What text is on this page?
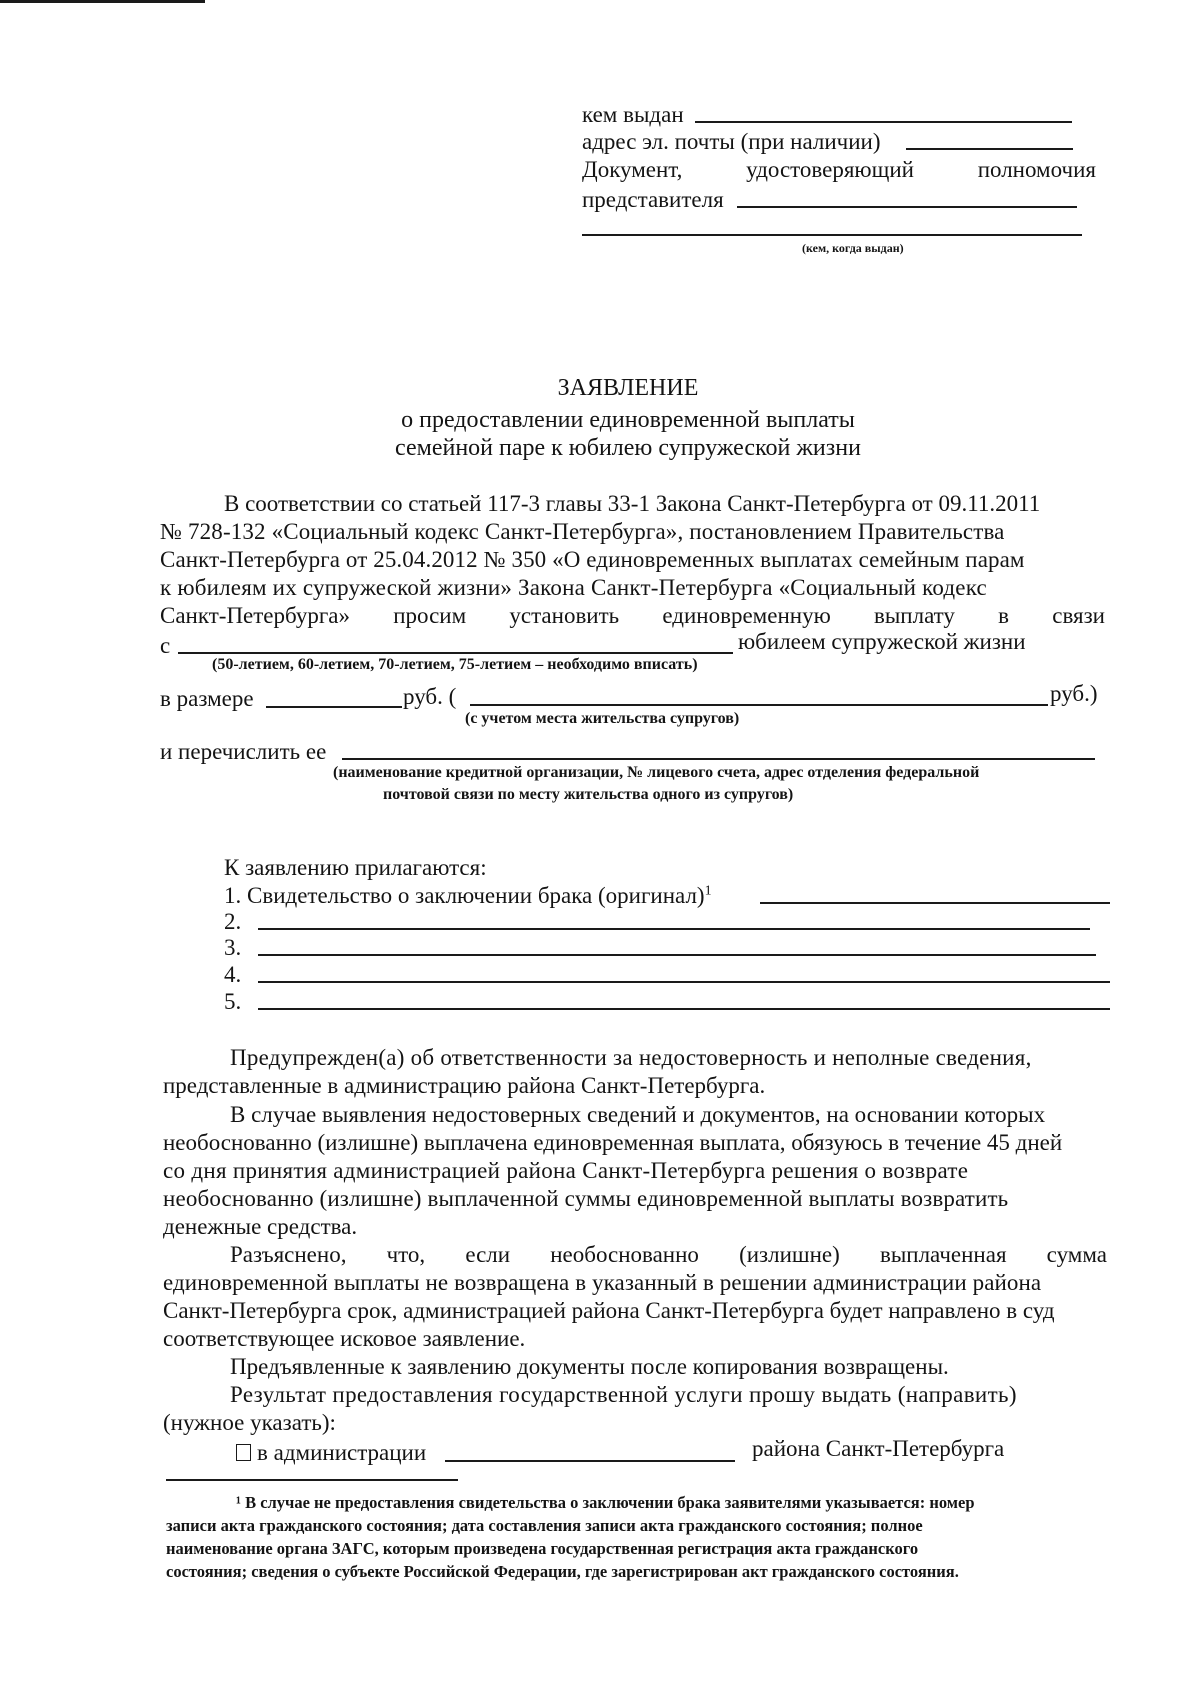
кем выдан
адрес эл. почты (при наличии)
Документ,	удостоверяющий	полномочия
представителя
(кем, когда выдан)
ЗАЯВЛЕНИЕ
о предоставлении единовременной выплаты
семейной паре к юбилею супружеской жизни
В соответствии со статьей 117-3 главы 33-1 Закона Санкт-Петербурга от 09.11.2011
№ 728-132 «Социальный кодекс Санкт-Петербурга», постановлением Правительства
Санкт-Петербурга от 25.04.2012 № 350 «О единовременных выплатах семейным парам
к юбилеям их супружеской жизни» Закона Санкт-Петербурга «Социальный кодекс
Санкт-Петербурга» просим установить единовременную выплату в связи
с	юбилеем супружеской жизни
(50-летием, 60-летием, 70-летием, 75-летием – необходимо вписать)
в размере	руб. (	руб.)
(с учетом места жительства супругов)
и перечислить ее
(наименование кредитной организации, № лицевого счета, адрес отделения федеральной
почтовой связи по месту жительства одного из супругов)
К заявлению прилагаются:
1. Свидетельство о заключении брака (оригинал)$^1$
2.
3.
4.
5.
Предупрежден(а) об ответственности за недостоверность и неполные сведения,
представленные в администрацию района Санкт-Петербурга.
В случае выявления недостоверных сведений и документов, на основании которых
необоснованно (излишне) выплачена единовременная выплата, обязуюсь в течение 45 дней
со дня принятия администрацией района Санкт-Петербурга решения о возврате
необоснованно (излишне) выплаченной суммы единовременной выплаты возвратить
денежные средства.
Разъяснено, что, если необоснованно (излишне) выплаченная сумма
единовременной выплаты не возвращена в указанный в решении администрации района
Санкт-Петербурга срок, администрацией района Санкт-Петербурга будет направлено в суд
соответствующее исковое заявление.
Предъявленные к заявлению документы после копирования возвращены.
Результат предоставления государственной услуги прошу выдать (направить)
(нужное указать):
в администрации	района Санкт-Петербурга
¹ В случае не предоставления свидетельства о заключении брака заявителями указывается: номер
записи акта гражданского состояния; дата составления записи акта гражданского состояния; полное
наименование органа ЗАГС, которым произведена государственная регистрация акта гражданского
состояния; сведения о субъекте Российской Федерации, где зарегистрирован акт гражданского состояния.
